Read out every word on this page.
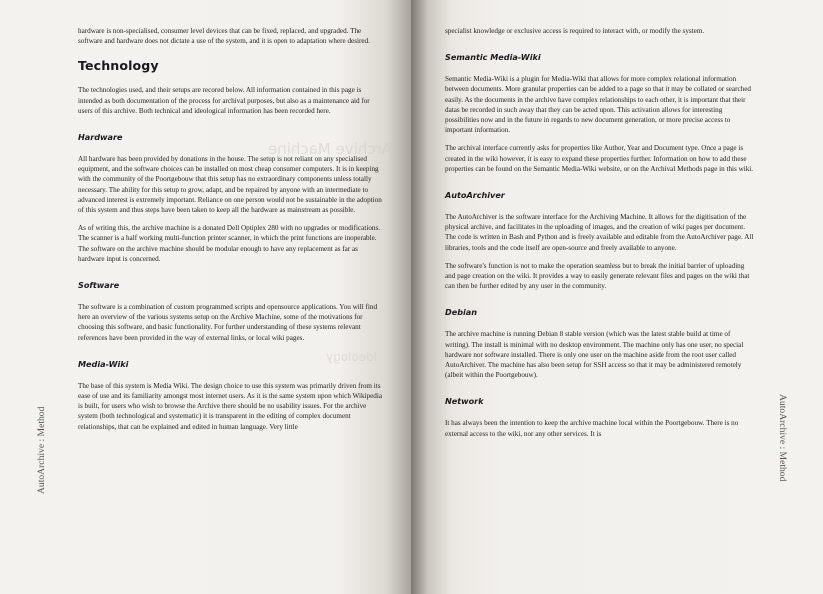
Archive Machine
Ideology

hardware is non-specialised, consumer level devices that can be fixed, replaced, and upgraded. The software and hardware does not dictate a use of the system, and it is open to adaptation where desired.

Technology

The technologies used, and their setups are recored below. All information contained in this page is intended as both documentation of the process for archival purposes, but also as a maintenance aid for users of this archive. Both technical and ideological information has been recorded here.

Hardware

All hardware has been provided by donations in the house. The setup is not reliant on any specialised equipment, and the software choices can be installed on most cheap consumer computers. It is in keeping with the community of the Poortgebouw that this setup has no extraordinary components unless totally necessary. The ability for this setup to grow, adapt, and be repaired by anyone with an intermediate to advanced interest is extremely important. Reliance on one person would not be sustainable in the adoption of this system and thus steps have been taken to keep all the hardware as mainstream as possible.

As of writing this, the archive machine is a donated Dell Optiplex 280 with no upgrades or modifications. The scanner is a half working multi-function printer scanner, in which the print functions are inoperable. The software on the archive machine should be modular enough to have any replacement as far as hardware input is concerned.

Software

The software is a combination of custom programmed scripts and opensource applications. You will find here an overview of the various systems setup on the Archive Machine, some of the motivations for choosing this software, and basic functionality. For further understanding of these systems relevant references have been provided in the way of external links, or local wiki pages.

Media-Wiki

The base of this system is Media Wiki. The design choice to use this system was primarily driven from its ease of use and its familiarity amongst most internet users. As it is the same system upon which Wikipedia is built, for users who wish to browse the Archive there should be no usability issues. For the archive system (both technological and systematic) it is transparent in the editing of complex document relationships, that can be explained and edited in human language. Very little

AutoArchive : Method

specialist knowledge or exclusive access is required to interact with, or modify the system.

Semantic Media-Wiki

Semantic Media-Wiki is a plugin for Media-Wiki that allows for more complex relational information between documents. More granular properties can be added to a page so that it may be collated or searched easily. As the documents in the archive have complex relationships to each other, it is important that their datas be recorded in such away that they can be acted upon. This activation allows for interesting possibilities now and in the future in regards to new document generation, or more precise access to important information.

The archival interface currently asks for properties like Author, Year and Document type. Once a page is created in the wiki however, it is easy to expand these properties further. Information on how to add these properties can be found on the Semantic Media-Wiki website, or on the Archival Methods page in this wiki.

AutoArchiver

The AutoArchiver is the software interface for the Archiving Machine. It allows for the digitisation of the physical archive, and facilitates in the uploading of images, and the creation of wiki pages per document. The code is written in Bash and Python and is freely available and editable from the AutoArchiver page. All libraries, tools and the code itself are open-source and freely available to anyone.

The software's function is not to make the operation seamless but to break the initial barrier of uploading and page creation on the wiki. It provides a way to easily generate relevant files and pages on the wiki that can then be further edited by any user in the community.

Debian

The archive machine is running Debian 8 stable version (which was the latest stable build at time of writing). The install is minimal with no desktop environment. The machine only has one user, no special hardware nor software installed. There is only one user on the machine aside from the root user called AutoArchiver. The machine has also been setup for SSH access so that it may be administered remotely (albeit within the Poortgebouw).

Network

It has always been the intention to keep the archive machine local within the Poortgebouw. There is no external access to the wiki, nor any other services. It is	AutoArchive : Method
